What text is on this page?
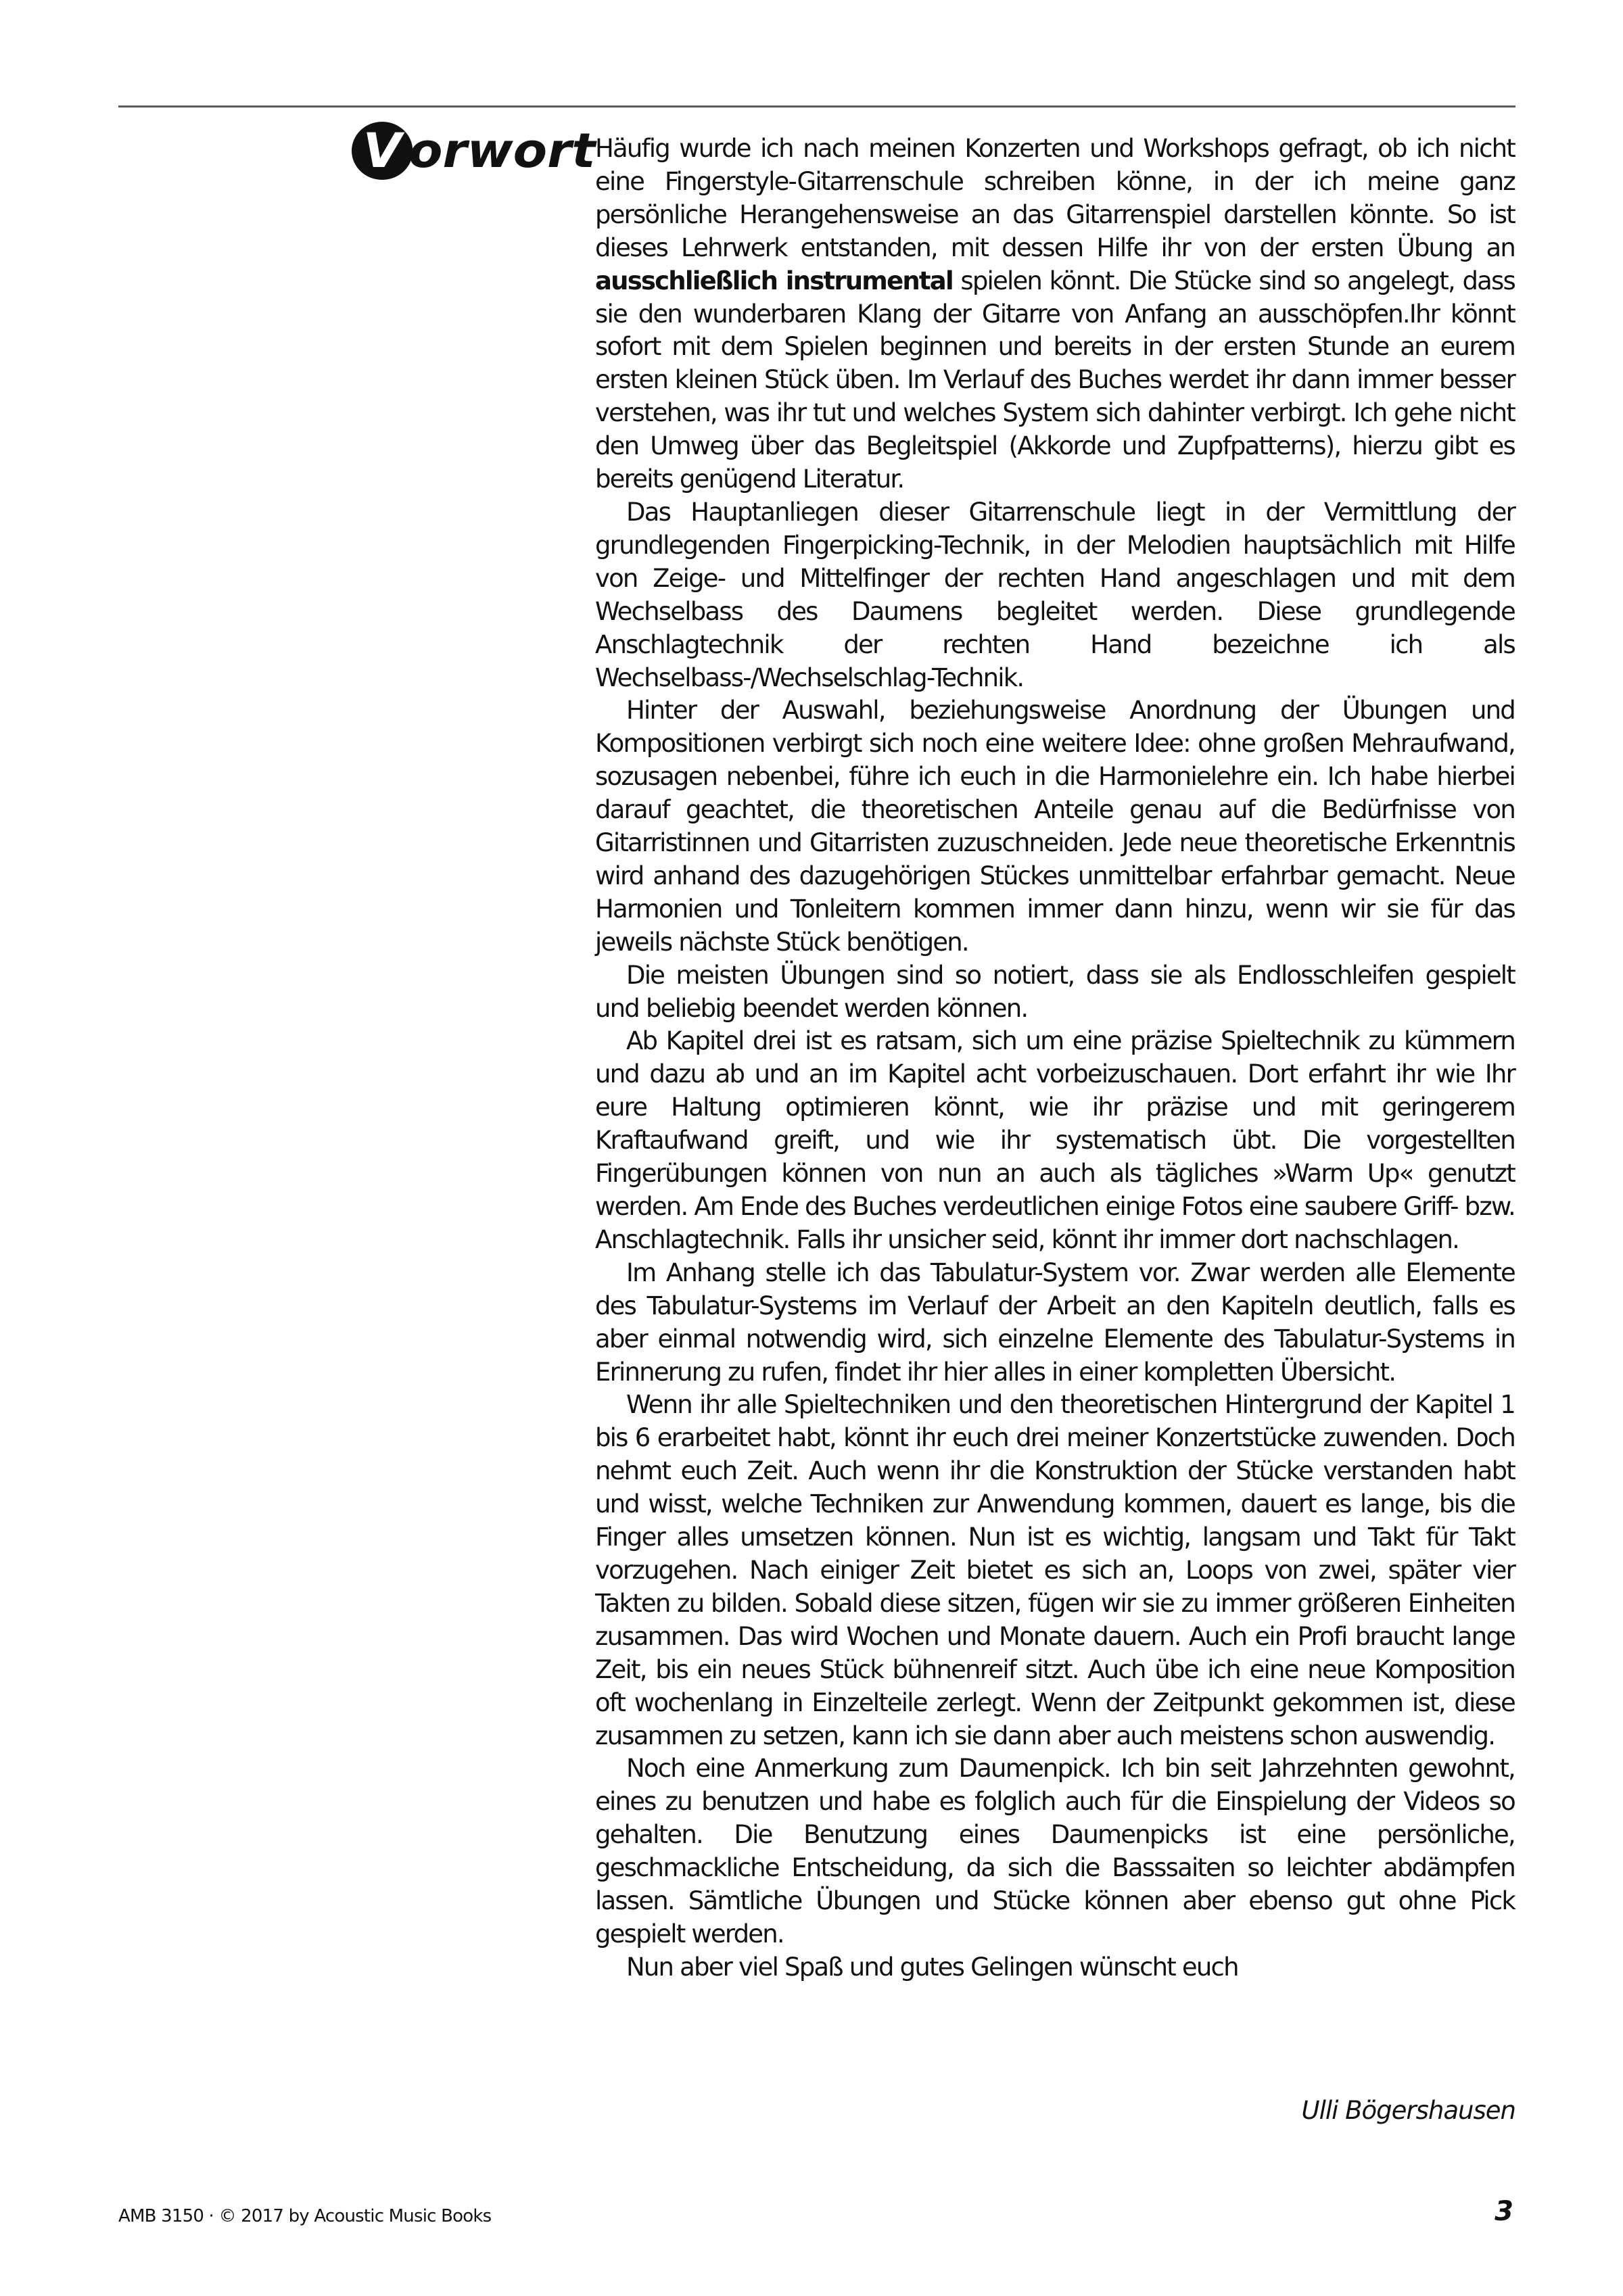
V orwort Häufig wurde ich nach meinen Konzerten und Workshops gefragt, ob ich nicht eine Fingerstyle-Gitarrenschule schreiben könne, in der ich meine ganz persönliche Herangehensweise an das Gitarrenspiel darstellen könnte. So ist dieses Lehrwerk entstanden, mit dessen Hilfe ihr von der ersten Übung an ausschließlich instrumental spielen könnt. Die Stücke sind so angelegt, dass sie den wunderbaren Klang der Gitarre von Anfang an ausschöpfen.Ihr könnt sofort mit dem Spielen beginnen und bereits in der ersten Stunde an eurem ersten kleinen Stück üben. Im Verlauf des Buches werdet ihr dann immer besser verstehen, was ihr tut und welches System sich dahinter verbirgt. Ich gehe nicht den Umweg über das Begleitspiel (Akkorde und Zupfpatterns), hierzu gibt es bereits genügend Literatur.

Das Hauptanliegen dieser Gitarrenschule liegt in der Vermittlung der grundlegenden Fingerpicking-Technik, in der Melodien hauptsächlich mit Hilfe von Zeige- und Mittelfinger der rechten Hand angeschlagen und mit dem Wechselbass des Daumens begleitet werden. Diese grundlegende Anschlagtechnik der rechten Hand bezeichne ich als Wechselbass-/Wechselschlag-Technik.

Hinter der Auswahl, beziehungsweise Anordnung der Übungen und Kompositionen verbirgt sich noch eine weitere Idee: ohne großen Mehraufwand, sozusagen nebenbei, führe ich euch in die Harmonielehre ein. Ich habe hierbei darauf geachtet, die theoretischen Anteile genau auf die Bedürfnisse von Gitarristinnen und Gitarristen zuzuschneiden. Jede neue theoretische Erkenntnis wird anhand des dazugehörigen Stückes unmittelbar erfahrbar gemacht. Neue Harmonien und Tonleitern kommen immer dann hinzu, wenn wir sie für das jeweils nächste Stück benötigen.

Die meisten Übungen sind so notiert, dass sie als Endlosschleifen gespielt und beliebig beendet werden können.

Ab Kapitel drei ist es ratsam, sich um eine präzise Spieltechnik zu kümmern und dazu ab und an im Kapitel acht vorbeizuschauen. Dort erfahrt ihr wie Ihr eure Haltung optimieren könnt, wie ihr präzise und mit geringerem Kraftaufwand greift, und wie ihr systematisch übt. Die vorgestellten Fingerübungen können von nun an auch als tägliches »Warm Up« genutzt werden. Am Ende des Buches verdeutlichen einige Fotos eine saubere Griff- bzw. Anschlagtechnik. Falls ihr unsicher seid, könnt ihr immer dort nachschlagen.

Im Anhang stelle ich das Tabulatur-System vor. Zwar werden alle Elemente des Tabulatur-Systems im Verlauf der Arbeit an den Kapiteln deutlich, falls es aber einmal notwendig wird, sich einzelne Elemente des Tabulatur-Systems in Erinnerung zu rufen, findet ihr hier alles in einer kompletten Übersicht.

Wenn ihr alle Spieltechniken und den theoretischen Hintergrund der Kapitel 1 bis 6 erarbeitet habt, könnt ihr euch drei meiner Konzertstücke zuwenden. Doch nehmt euch Zeit. Auch wenn ihr die Konstruktion der Stücke verstanden habt und wisst, welche Techniken zur Anwendung kommen, dauert es lange, bis die Finger alles umsetzen können. Nun ist es wichtig, langsam und Takt für Takt vorzugehen. Nach einiger Zeit bietet es sich an, Loops von zwei, später vier Takten zu bilden. Sobald diese sitzen, fügen wir sie zu immer größeren Einheiten zusammen. Das wird Wochen und Monate dauern. Auch ein Profi braucht lange Zeit, bis ein neues Stück bühnenreif sitzt. Auch übe ich eine neue Komposition oft wochenlang in Einzelteile zerlegt. Wenn der Zeitpunkt gekommen ist, diese zusammen zu setzen, kann ich sie dann aber auch meistens schon auswendig.

Noch eine Anmerkung zum Daumenpick. Ich bin seit Jahrzehnten gewohnt, eines zu benutzen und habe es folglich auch für die Einspielung der Videos so gehalten. Die Benutzung eines Daumenpicks ist eine persönliche, geschmackliche Entscheidung, da sich die Basssaiten so leichter abdämpfen lassen. Sämtliche Übungen und Stücke können aber ebenso gut ohne Pick gespielt werden.

Nun aber viel Spaß und gutes Gelingen wünscht euch

Ulli Bögershausen
AMB 3150 · © 2017 by Acoustic Music Books	3
